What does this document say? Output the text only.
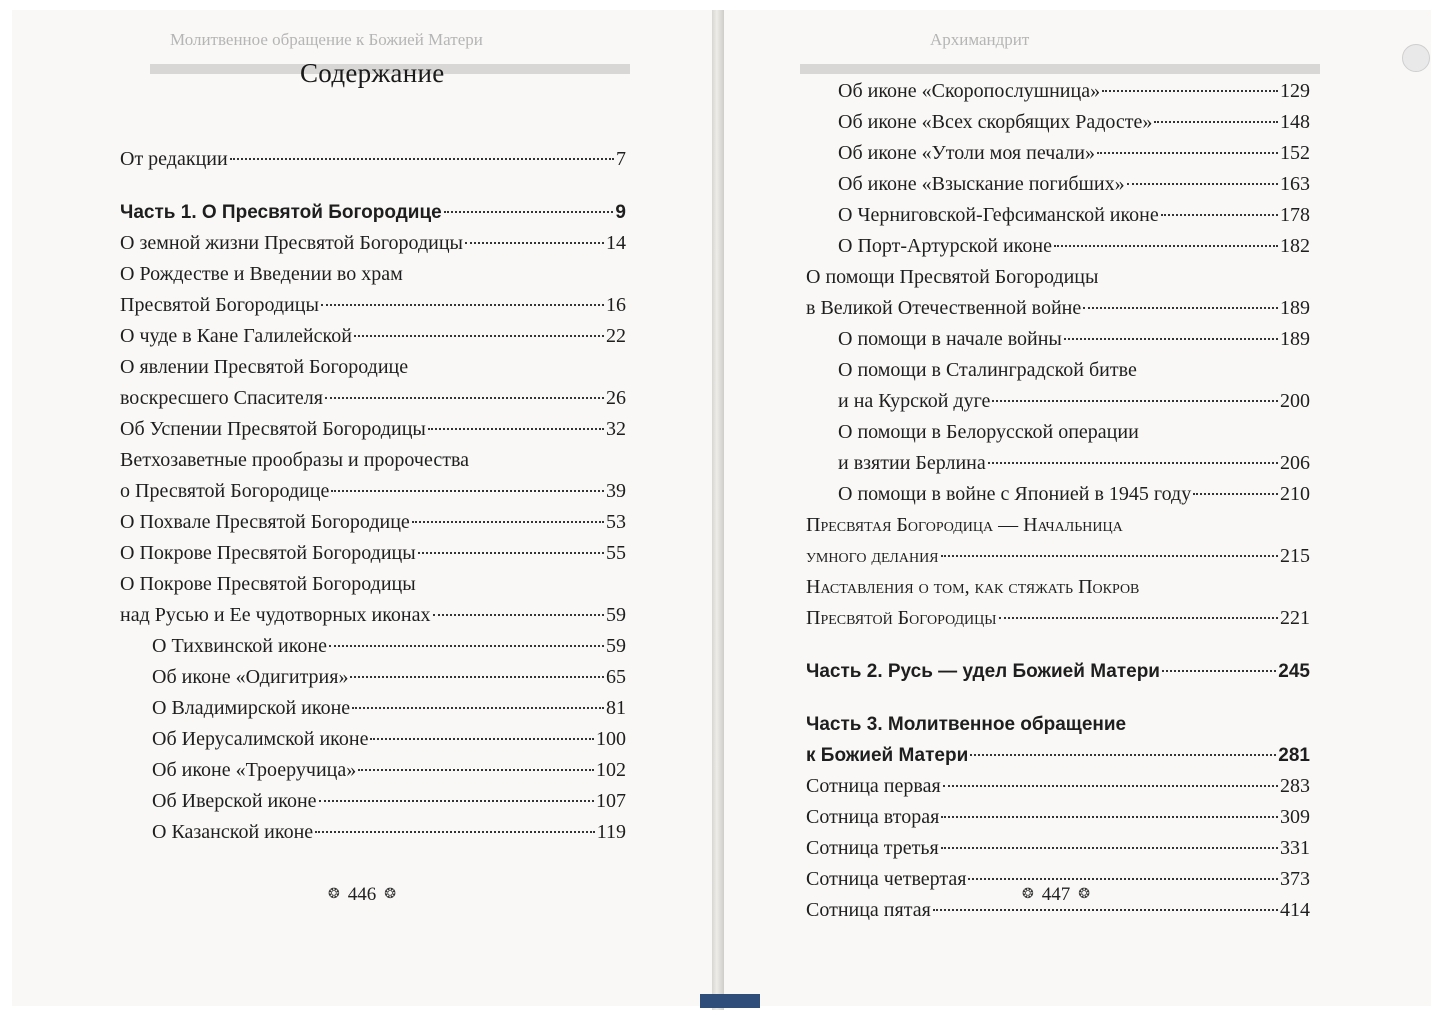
Молитвенное обращение к Божией Матери	Архимандрит
Содержание
От редакции	7
Часть 1. О Пресвятой Богородице	9
О земной жизни Пресвятой Богородицы	14
О Рождестве и Введении во храм
Пресвятой Богородицы	16
О чуде в Кане Галилейской	22
О явлении Пресвятой Богородице
воскресшего Спасителя	26
Об Успении Пресвятой Богородицы	32
Ветхозаветные прообразы и пророчества
о Пресвятой Богородице	39
О Похвале Пресвятой Богородице	53
О Покрове Пресвятой Богородицы	55
О Покрове Пресвятой Богородицы
над Русью и Ее чудотворных иконах	59
О Тихвинской иконе	59
Об иконе «Одигитрия»	65
О Владимирской иконе	81
Об Иерусалимской иконе	100
Об иконе «Троеручица»	102
Об Иверской иконе	107
О Казанской иконе	119
❂ 446 ❂
Об иконе «Скоропослушница»	129
Об иконе «Всех скорбящих Радосте»	148
Об иконе «Утоли моя печали»	152
Об иконе «Взыскание погибших»	163
О Черниговской-Гефсиманской иконе	178
О Порт-Артурской иконе	182
О помощи Пресвятой Богородицы
в Великой Отечественной войне	189
О помощи в начале войны	189
О помощи в Сталинградской битве
и на Курской дуге	200
О помощи в Белорусской операции
и взятии Берлина	206
О помощи в войне с Японией в 1945 году	210
Пресвятая Богородица — Начальница
умного делания	215
Наставления о том, как стяжать Покров
Пресвятой Богородицы	221
Часть 2. Русь — удел Божией Матери	245
Часть 3. Молитвенное обращение
к Божией Матери	281
Сотница первая	283
Сотница вторая	309
Сотница третья	331
Сотница четвертая	373
Сотница пятая	414
❂ 447 ❂
